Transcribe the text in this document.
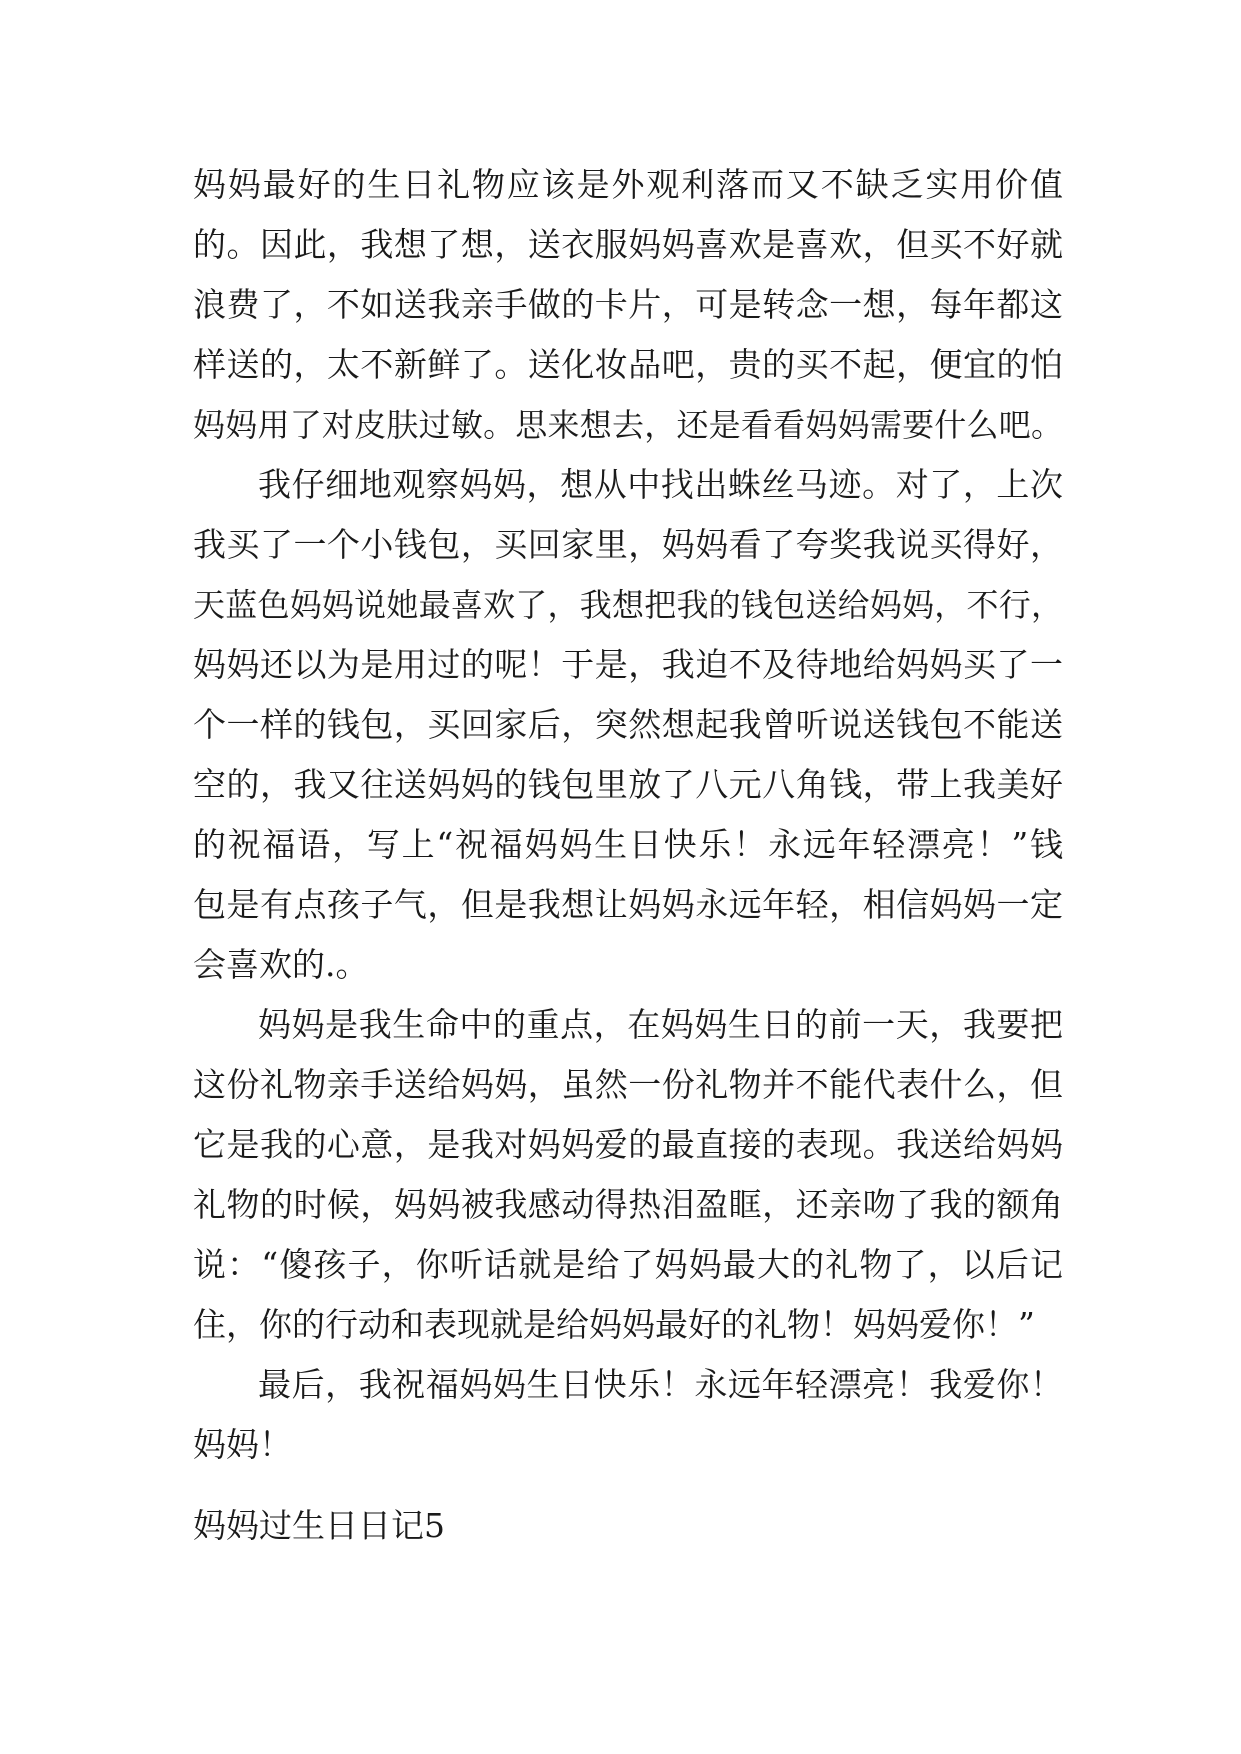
妈妈最好的生日礼物应该是外观利落而又不缺乏实用价值
的。因此，我想了想，送衣服妈妈喜欢是喜欢，但买不好就
浪费了，不如送我亲手做的卡片，可是转念一想，每年都这
样送的，太不新鲜了。送化妆品吧，贵的买不起，便宜的怕
妈妈用了对皮肤过敏。思来想去，还是看看妈妈需要什么吧。
我仔细地观察妈妈，想从中找出蛛丝马迹。对了，上次
我买了一个小钱包，买回家里，妈妈看了夸奖我说买得好，
天蓝色妈妈说她最喜欢了，我想把我的钱包送给妈妈，不行，
妈妈还以为是用过的呢！于是，我迫不及待地给妈妈买了一
个一样的钱包，买回家后，突然想起我曾听说送钱包不能送
空的，我又往送妈妈的钱包里放了八元八角钱，带上我美好
的祝福语，写上“祝福妈妈生日快乐！永远年轻漂亮！”钱
包是有点孩子气，但是我想让妈妈永远年轻，相信妈妈一定
会喜欢的.。
妈妈是我生命中的重点，在妈妈生日的前一天，我要把
这份礼物亲手送给妈妈，虽然一份礼物并不能代表什么，但
它是我的心意，是我对妈妈爱的最直接的表现。我送给妈妈
礼物的时候，妈妈被我感动得热泪盈眶，还亲吻了我的额角
说：“傻孩子，你听话就是给了妈妈最大的礼物了，以后记
住，你的行动和表现就是给妈妈最好的礼物！妈妈爱你！”
最后，我祝福妈妈生日快乐！永远年轻漂亮！我爱你！
妈妈！
妈妈过生日日记5
